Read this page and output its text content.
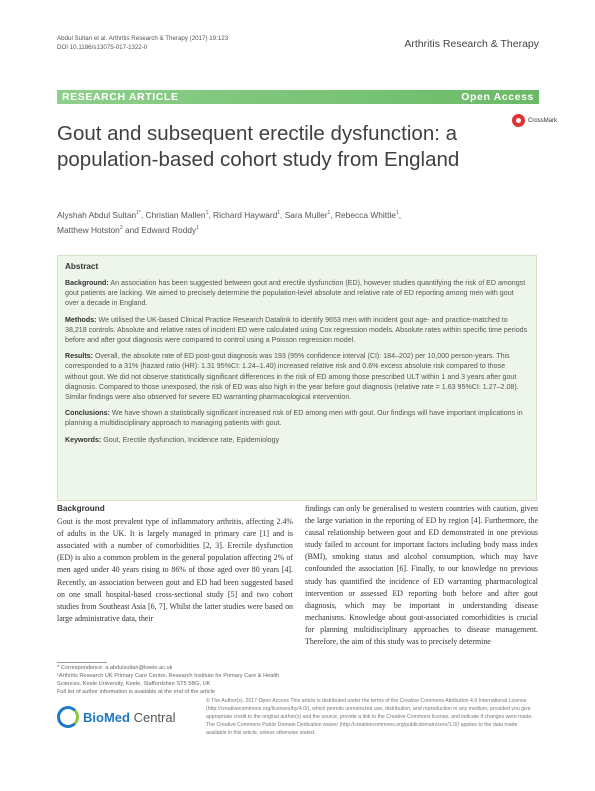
Abdul Sultan et al. Arthritis Research & Therapy (2017) 19:123
DOI 10.1186/s13075-017-1322-0	Arthritis Research & Therapy
RESEARCH ARTICLE	Open Access
Gout and subsequent erectile dysfunction: a population-based cohort study from England
CrossMark
Alyshah Abdul Sultan$^{1*}$, Christian Mallen$^1$, Richard Hayward$^1$, Sara Muller$^1$, Rebecca Whittle$^1$,
Matthew Hotston$^2$ and Edward Roddy$^1$
Abstract

Background: An association has been suggested between gout and erectile dysfunction (ED), however studies quantifying the risk of ED amongst gout patients are lacking. We aimed to precisely determine the population-level absolute and relative rate of ED reporting among men with gout over a decade in England.

Methods: We utilised the UK-based Clinical Practice Research Datalink to identify 9653 men with incident gout age- and practice-matched to 38,218 controls. Absolute and relative rates of incident ED were calculated using Cox regression models. Absolute rates within specific time periods before and after gout diagnosis were compared to control using a Poisson regression model.

Results: Overall, the absolute rate of ED post-gout diagnosis was 193 (95% confidence interval (CI): 184–202) per 10,000 person-years. This corresponded to a 31% (hazard ratio (HR): 1.31 95%CI: 1.24–1.40) increased relative risk and 0.6% excess absolute risk compared to those without gout. We did not observe statistically significant differences in the risk of ED among those prescribed ULT within 1 and 3 years after gout diagnosis. Compared to those unexposed, the risk of ED was also high in the year before gout diagnosis (relative rate = 1.63 95%CI: 1.27–2.08). Similar findings were also observed for severe ED warranting pharmacological intervention.

Conclusions: We have shown a statistically significant increased risk of ED among men with gout. Our findings will have important implications in planning a multidisciplinary approach to managing patients with gout.

Keywords: Gout, Erectile dysfunction, Incidence rate, Epidemiology

Background
Gout is the most prevalent type of inflammatory arthritis, affecting 2.4% of adults in the UK. It is largely managed in primary care [1] and is associated with a number of comorbidities [2, 3]. Erectile dysfunction (ED) is also a common problem in the general population affecting 2% of men aged under 40 years rising to 86% of those aged over 80 years [4]. Recently, an association between gout and ED had been suggested based on one small hospital-based cross-sectional study [5] and two cohort studies from Southeast Asia [6, 7]. Whilst the latter studies were based on large administrative data, their
findings can only be generalised to western countries with caution, given the large variation in the reporting of ED by region [4]. Furthermore, the causal relationship between gout and ED demonstrated in one previous study failed to account for important factors including body mass index (BMI), smoking status and alcohol consumption, which may have confounded the association [6]. Finally, to our knowledge no previous study has quantified the incidence of ED warranting pharmacological intervention or assessed ED reporting both before and after gout diagnosis, which may be important in understanding disease mechanisms. Knowledge about gout-associated comorbidities is crucial for planning multidisciplinary approaches to disease management. Therefore, the aim of this study was to precisely determine
* Correspondence: a.abdulsultan@keele.ac.uk
¹Arthritis Research UK Primary Care Centre, Research Institute for Primary Care & Health Sciences, Keele University, Keele, Staffordshire ST5 5BG, UK
Full list of author information is available at the end of the article
BioMed Central
© The Author(s). 2017 Open Access This article is distributed under the terms of the Creative Commons Attribution 4.0 International License (http://creativecommons.org/licenses/by/4.0/), which permits unrestricted use, distribution, and reproduction in any medium, provided you give appropriate credit to the original author(s) and the source, provide a link to the Creative Commons license, and indicate if changes were made. The Creative Commons Public Domain Dedication waiver (http://creativecommons.org/publicdomain/zero/1.0/) applies to the data made available in this article, unless otherwise stated.
